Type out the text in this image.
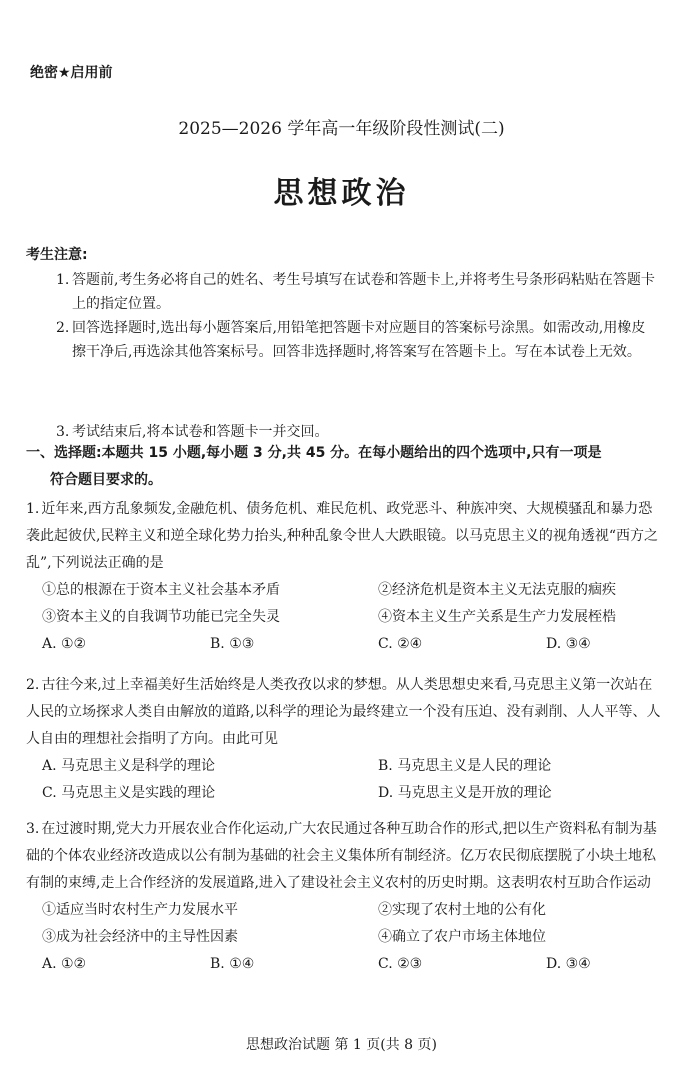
绝密★启用前
2025—2026 学年高一年级阶段性测试(二)
思想政治
考生注意:
1. 答题前,考生务必将自己的姓名、考生号填写在试卷和答题卡上,并将考生号条形码粘贴在答题卡上的指定位置。
2. 回答选择题时,选出每小题答案后,用铅笔把答题卡对应题目的答案标号涂黑。如需改动,用橡皮擦干净后,再选涂其他答案标号。回答非选择题时,将答案写在答题卡上。写在本试卷上无效。
3. 考试结束后,将本试卷和答题卡一并交回。
一、选择题:本题共 15 小题,每小题 3 分,共 45 分。在每小题给出的四个选项中,只有一项是
符合题目要求的。
1. 近年来,西方乱象频发,金融危机、债务危机、难民危机、政党恶斗、种族冲突、大规模骚乱和暴力恐袭此起彼伏,民粹主义和逆全球化势力抬头,种种乱象令世人大跌眼镜。以马克思主义的视角透视“西方之乱”,下列说法正确的是
①总的根源在于资本主义社会基本矛盾	②经济危机是资本主义无法克服的痼疾
③资本主义的自我调节功能已完全失灵	④资本主义生产关系是生产力发展桎梏
A. ①②	B. ①③	C. ②④	D. ③④
2. 古往今来,过上幸福美好生活始终是人类孜孜以求的梦想。从人类思想史来看,马克思主义第一次站在人民的立场探求人类自由解放的道路,以科学的理论为最终建立一个没有压迫、没有剥削、人人平等、人人自由的理想社会指明了方向。由此可见
A. 马克思主义是科学的理论	B. 马克思主义是人民的理论
C. 马克思主义是实践的理论	D. 马克思主义是开放的理论
3. 在过渡时期,党大力开展农业合作化运动,广大农民通过各种互助合作的形式,把以生产资料私有制为基础的个体农业经济改造成以公有制为基础的社会主义集体所有制经济。亿万农民彻底摆脱了小块土地私有制的束缚,走上合作经济的发展道路,进入了建设社会主义农村的历史时期。这表明农村互助合作运动
①适应当时农村生产力发展水平	②实现了农村土地的公有化
③成为社会经济中的主导性因素	④确立了农户市场主体地位
A. ①②	B. ①④	C. ②③	D. ③④
思想政治试题 第 1 页(共 8 页)
